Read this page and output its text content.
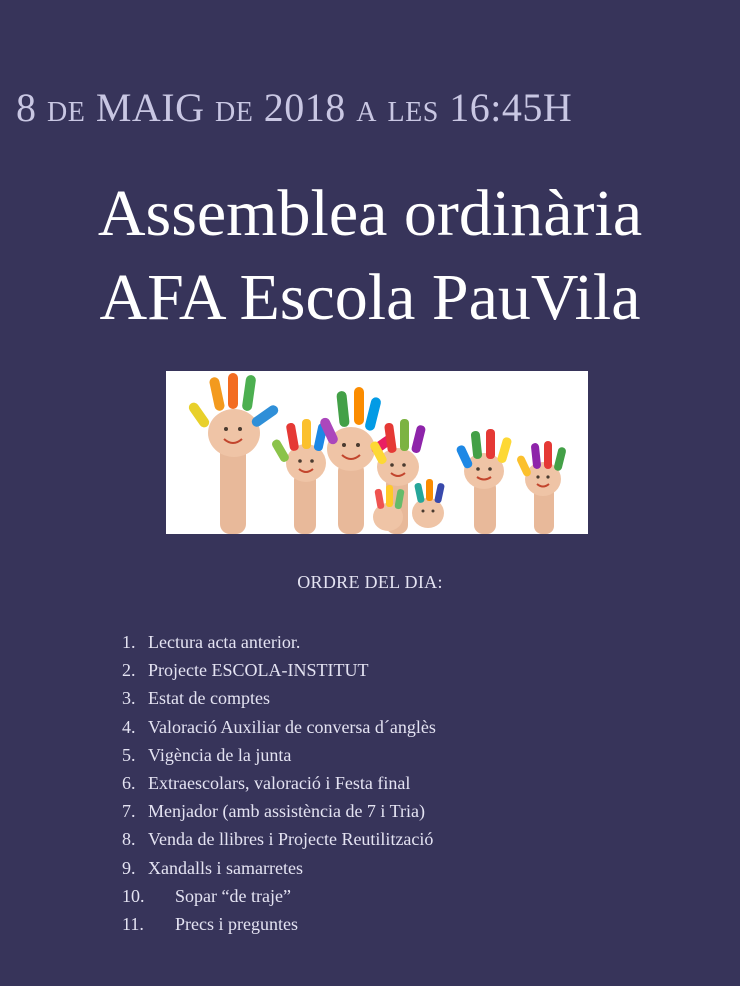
8 de MAIG de 2018 a les 16:45H
Assemblea ordinària
AFA Escola PauVila
ORDRE DEL DIA:
1. Lectura acta anterior.
2. Projecte ESCOLA-INSTITUT
3. Estat de comptes
4. Valoració Auxiliar de conversa d´anglès
5. Vigència de la junta
6. Extraescolars, valoració i Festa final
7. Menjador (amb assistència de 7 i Tria)
8. Venda de llibres i Projecte Reutilització
9. Xandalls i samarretes
10.	Sopar “de traje”
11.	Precs i preguntes
